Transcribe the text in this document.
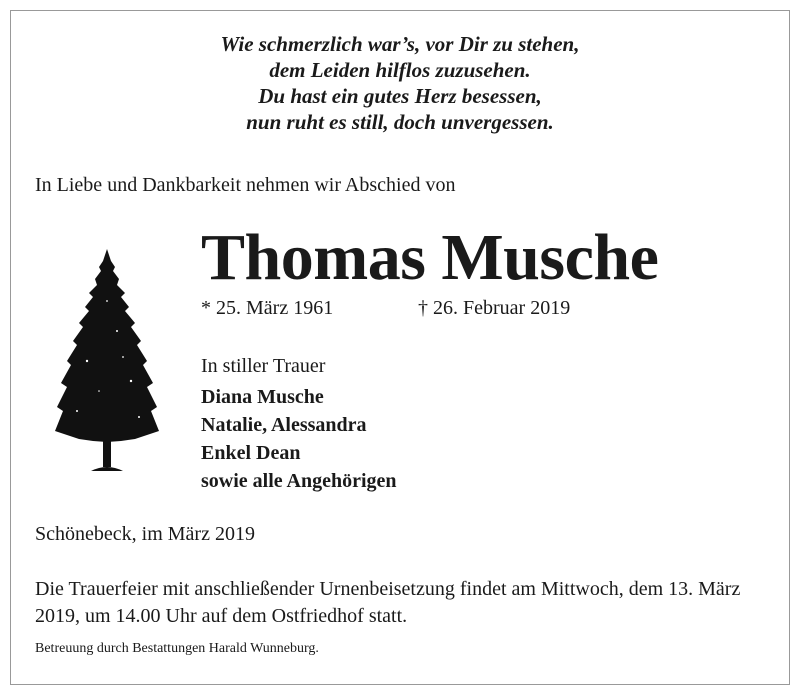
Wie schmerzlich war’s, vor Dir zu stehen,
dem Leiden hilflos zuzusehen.
Du hast ein gutes Herz besessen,
nun ruht es still, doch unvergessen.
In Liebe und Dankbarkeit nehmen wir Abschied von
Thomas Musche
* 25. März 1961	† 26. Februar 2019
In stiller Trauer
Diana Musche
Natalie, Alessandra
Enkel Dean
sowie alle Angehörigen
Schönebeck, im März 2019
Die Trauerfeier mit anschließender Urnenbeisetzung findet am Mittwoch, dem 13. März 2019, um 14.00 Uhr auf dem Ostfriedhof statt.
Betreuung durch Bestattungen Harald Wunneburg.
